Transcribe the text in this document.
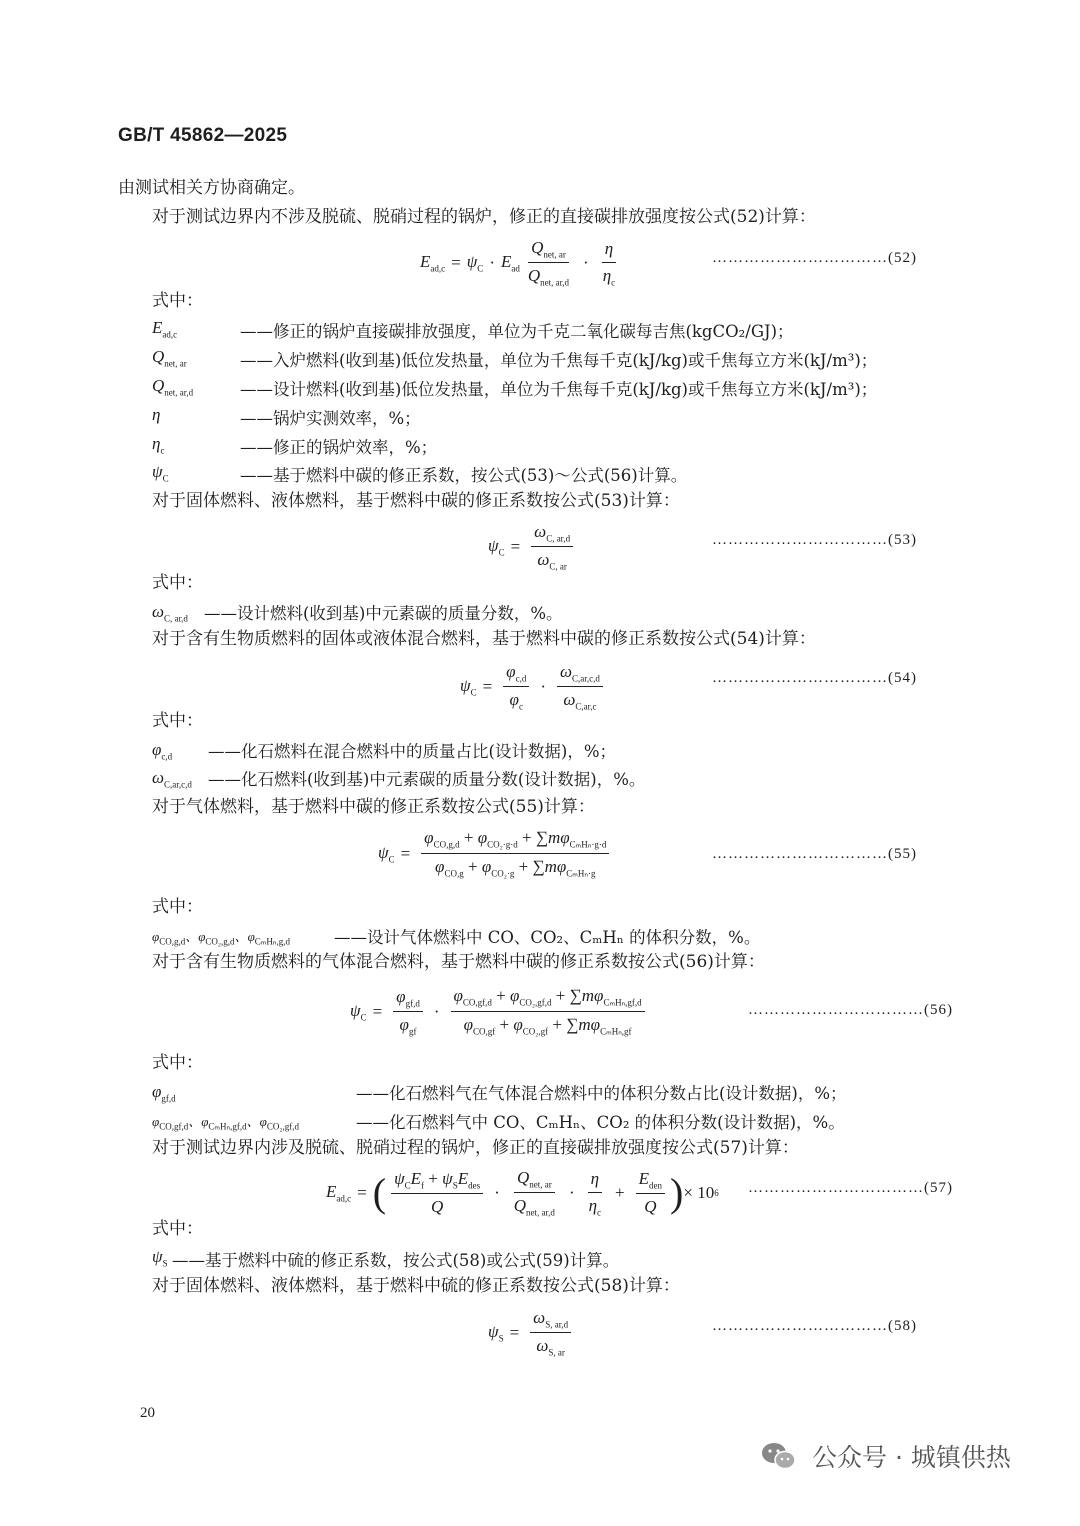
GB/T 45862—2025
由测试相关方协商确定。
对于测试边界内不涉及脱硫、脱硝过程的锅炉，修正的直接碳排放强度按公式(52)计算：
$E_{ad,c} = \psi_C \cdot E_{ad} \frac{Q_{net, ar}}{Q_{net, ar,d}} \cdot \frac{\eta}{\eta_c}$	……………………………(52)
式中：
$E_{ad,c}$	——修正的锅炉直接碳排放强度，单位为千克二氧化碳每吉焦(kgCO₂/GJ)；
$Q_{net, ar}$	——入炉燃料(收到基)低位发热量，单位为千焦每千克(kJ/kg)或千焦每立方米(kJ/m³)；
$Q_{net, ar,d}$	——设计燃料(收到基)低位发热量，单位为千焦每千克(kJ/kg)或千焦每立方米(kJ/m³)；
η	——锅炉实测效率，%；
$\eta_c$	——修正的锅炉效率，%；
$\psi_C$	——基于燃料中碳的修正系数，按公式(53)～公式(56)计算。
对于固体燃料、液体燃料，基于燃料中碳的修正系数按公式(53)计算：
$\psi_C = \frac{\omega_{C, ar,d}}{\omega_{C, ar}}$	……………………………(53)
式中：
$\omega_{C, ar,d}$ ——设计燃料(收到基)中元素碳的质量分数，%。
对于含有生物质燃料的固体或液体混合燃料，基于燃料中碳的修正系数按公式(54)计算：
$\psi_C = \frac{\varphi_{c,d}}{\varphi_c} \cdot \frac{\omega_{C,ar,c,d}}{\omega_{C,ar,c}}$	……………………………(54)
式中：
$\varphi_{c,d}$ ——化石燃料在混合燃料中的质量占比(设计数据)，%；
$\omega_{C,ar,c,d}$ ——化石燃料(收到基)中元素碳的质量分数(设计数据)，%。
对于气体燃料，基于燃料中碳的修正系数按公式(55)计算：
$\psi_C = \frac{\varphi_{CO,g,d} + \varphi_{CO_2\cdot g\cdot d} + \sum m\varphi_{C_mH_n\cdot g\cdot d}}{\varphi_{CO,g} + \varphi_{CO_2\cdot g} + \sum m\varphi_{C_mH_n\cdot g}}$	……………………………(55)
式中：
$\varphi_{CO,g,d}$、$\varphi_{CO_2,g,d}$、$\varphi_{C_mH_n,g,d}$	——设计气体燃料中 CO、CO₂、CₘHₙ 的体积分数，%。
对于含有生物质燃料的气体混合燃料，基于燃料中碳的修正系数按公式(56)计算：
$\psi_C = \frac{\varphi_{gf,d}}{\varphi_{gf}} \cdot \frac{\varphi_{CO,gf,d} + \varphi_{CO_2,gf,d} + \sum m\varphi_{C_mH_n,gf,d}}{\varphi_{CO,gf} + \varphi_{CO_2,gf} + \sum m\varphi_{C_mH_n,gf}}$	……………………………(56)
式中：
$\varphi_{gf,d}$	——化石燃料气在气体混合燃料中的体积分数占比(设计数据)，%；
$\varphi_{CO,gf,d}$、$\varphi_{C_mH_n,gf,d}$、$\varphi_{CO_2,gf,d}$	——化石燃料气中 CO、CₘHₙ、CO₂ 的体积分数(设计数据)，%。
对于测试边界内涉及脱硫、脱硝过程的锅炉，修正的直接碳排放强度按公式(57)计算：
$E_{ad,c}$ = ( $\frac{\psi_CE_f + \psi_SE_{des}}{Q} \cdot \frac{Q_{net, ar}}{Q_{net, ar,d}} \cdot \frac{\eta}{\eta_c} + \frac{E_{den}}{Q}$ ) × 10 6 ……………………………(57)
式中：
$\psi_S$ ——基于燃料中硫的修正系数，按公式(58)或公式(59)计算。
对于固体燃料、液体燃料，基于燃料中硫的修正系数按公式(58)计算：
$\psi_S = \frac{\omega_{S, ar,d}}{\omega_{S, ar}}$	……………………………(58)
20
公众号 · 城镇供热
